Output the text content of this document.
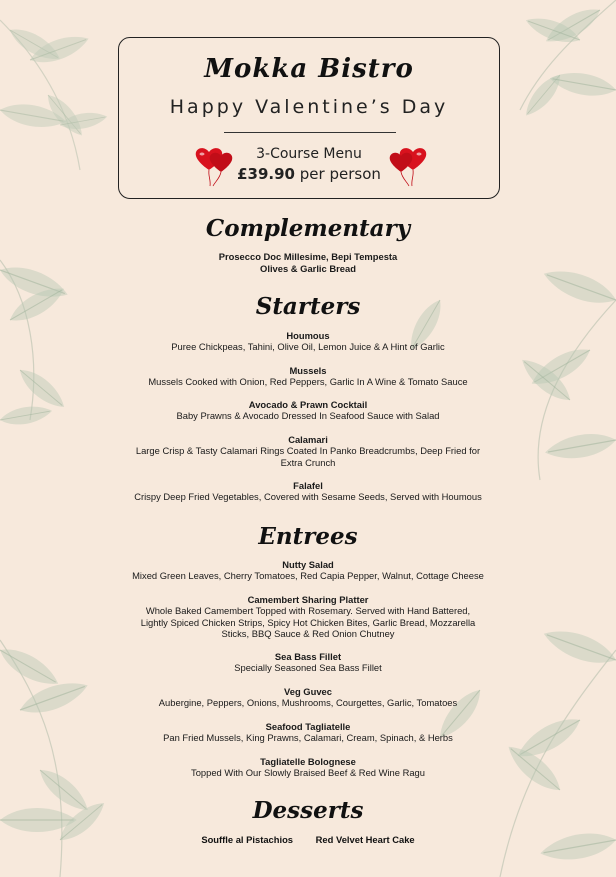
Mokka Bistro
Happy Valentine’s Day
3-Course Menu
£39.90 per person
Complementary
Prosecco Doc Millesime, Bepi Tempesta
Olives & Garlic Bread
Starters
Houmous
Puree Chickpeas, Tahini, Olive Oil, Lemon Juice & A Hint of Garlic
Mussels
Mussels Cooked with Onion, Red Peppers, Garlic In A Wine & Tomato Sauce
Avocado & Prawn Cocktail
Baby Prawns & Avocado Dressed In Seafood Sauce with Salad
Calamari
Large Crisp & Tasty Calamari Rings Coated In Panko Breadcrumbs, Deep Fried for
Extra Crunch
Falafel
Crispy Deep Fried Vegetables, Covered with Sesame Seeds, Served with Houmous
Entrees
Nutty Salad
Mixed Green Leaves, Cherry Tomatoes, Red Capia Pepper, Walnut, Cottage Cheese
Camembert Sharing Platter
Whole Baked Camembert Topped with Rosemary. Served with Hand Battered,
Lightly Spiced Chicken Strips, Spicy Hot Chicken Bites, Garlic Bread, Mozzarella
Sticks, BBQ Sauce & Red Onion Chutney
Sea Bass Fillet
Specially Seasoned Sea Bass Fillet
Veg Guvec
Aubergine, Peppers, Onions, Mushrooms, Courgettes, Garlic, Tomatoes
Seafood Tagliatelle
Pan Fried Mussels, King Prawns, Calamari, Cream, Spinach, & Herbs
Tagliatelle Bolognese
Topped With Our Slowly Braised Beef & Red Wine Ragu
Desserts
Souffle al Pistachios Red Velvet Heart Cake
